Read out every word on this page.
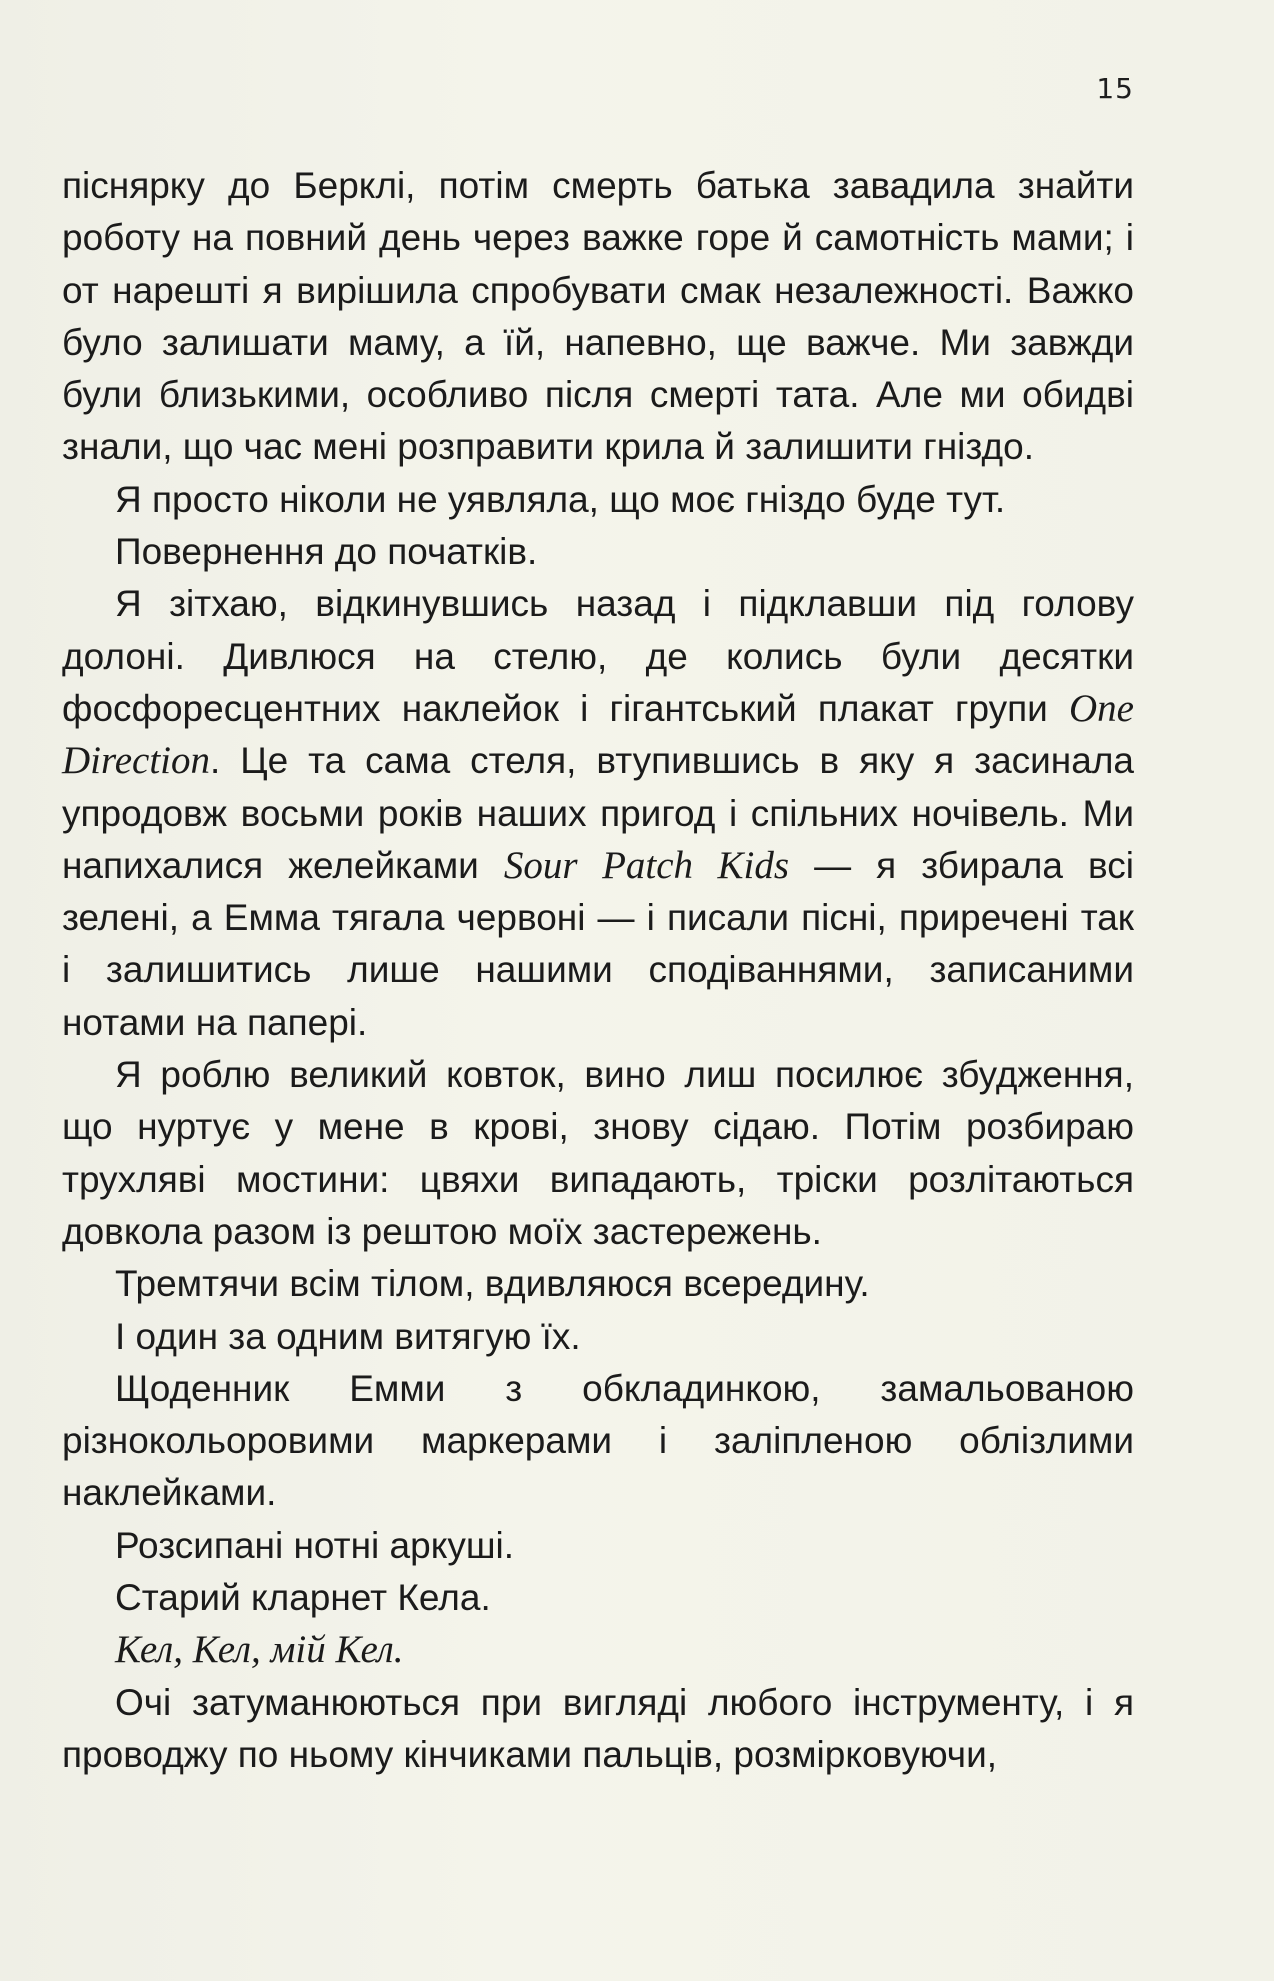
15

піснярку до Берклі, потім смерть батька завадила знайти роботу на повний день через важке горе й самотність мами; і от нарешті я вирішила спробувати смак незалежності. Важко було залишати маму, а їй, напевно, ще важче. Ми завжди були близькими, особливо після смерті тата. Але ми обидві знали, що час мені розправити крила й залишити гніздо.

Я просто ніколи не уявляла, що моє гніздо буде тут.

Повернення до початків.

Я зітхаю, відкинувшись назад і підклавши під голову долоні. Дивлюся на стелю, де колись були десятки фосфоресцентних наклейок і гігантський плакат групи One Direction. Це та сама стеля, втупившись в яку я засинала упродовж восьми років наших пригод і спільних ночівель. Ми напихалися желейками Sour Patch Kids — я збирала всі зелені, а Емма тягала червоні — і писали пісні, приречені так і залишитись лише нашими сподіваннями, записаними нотами на папері.

Я роблю великий ковток, вино лиш посилює збудження, що нуртує у мене в крові, знову сідаю. Потім розбираю трухляві мостини: цвяхи випадають, тріски розлітаються довкола разом із рештою моїх застережень.

Тремтячи всім тілом, вдивляюся всередину.

І один за одним витягую їх.

Щоденник Емми з обкладинкою, замальованою різнокольоровими маркерами і заліпленою облізлими наклейками.

Розсипані нотні аркуші.

Старий кларнет Кела.

Кел, Кел, мій Кел.

Очі затуманюються при вигляді любого інструменту, і я проводжу по ньому кінчиками пальців, розмірковуючи,
